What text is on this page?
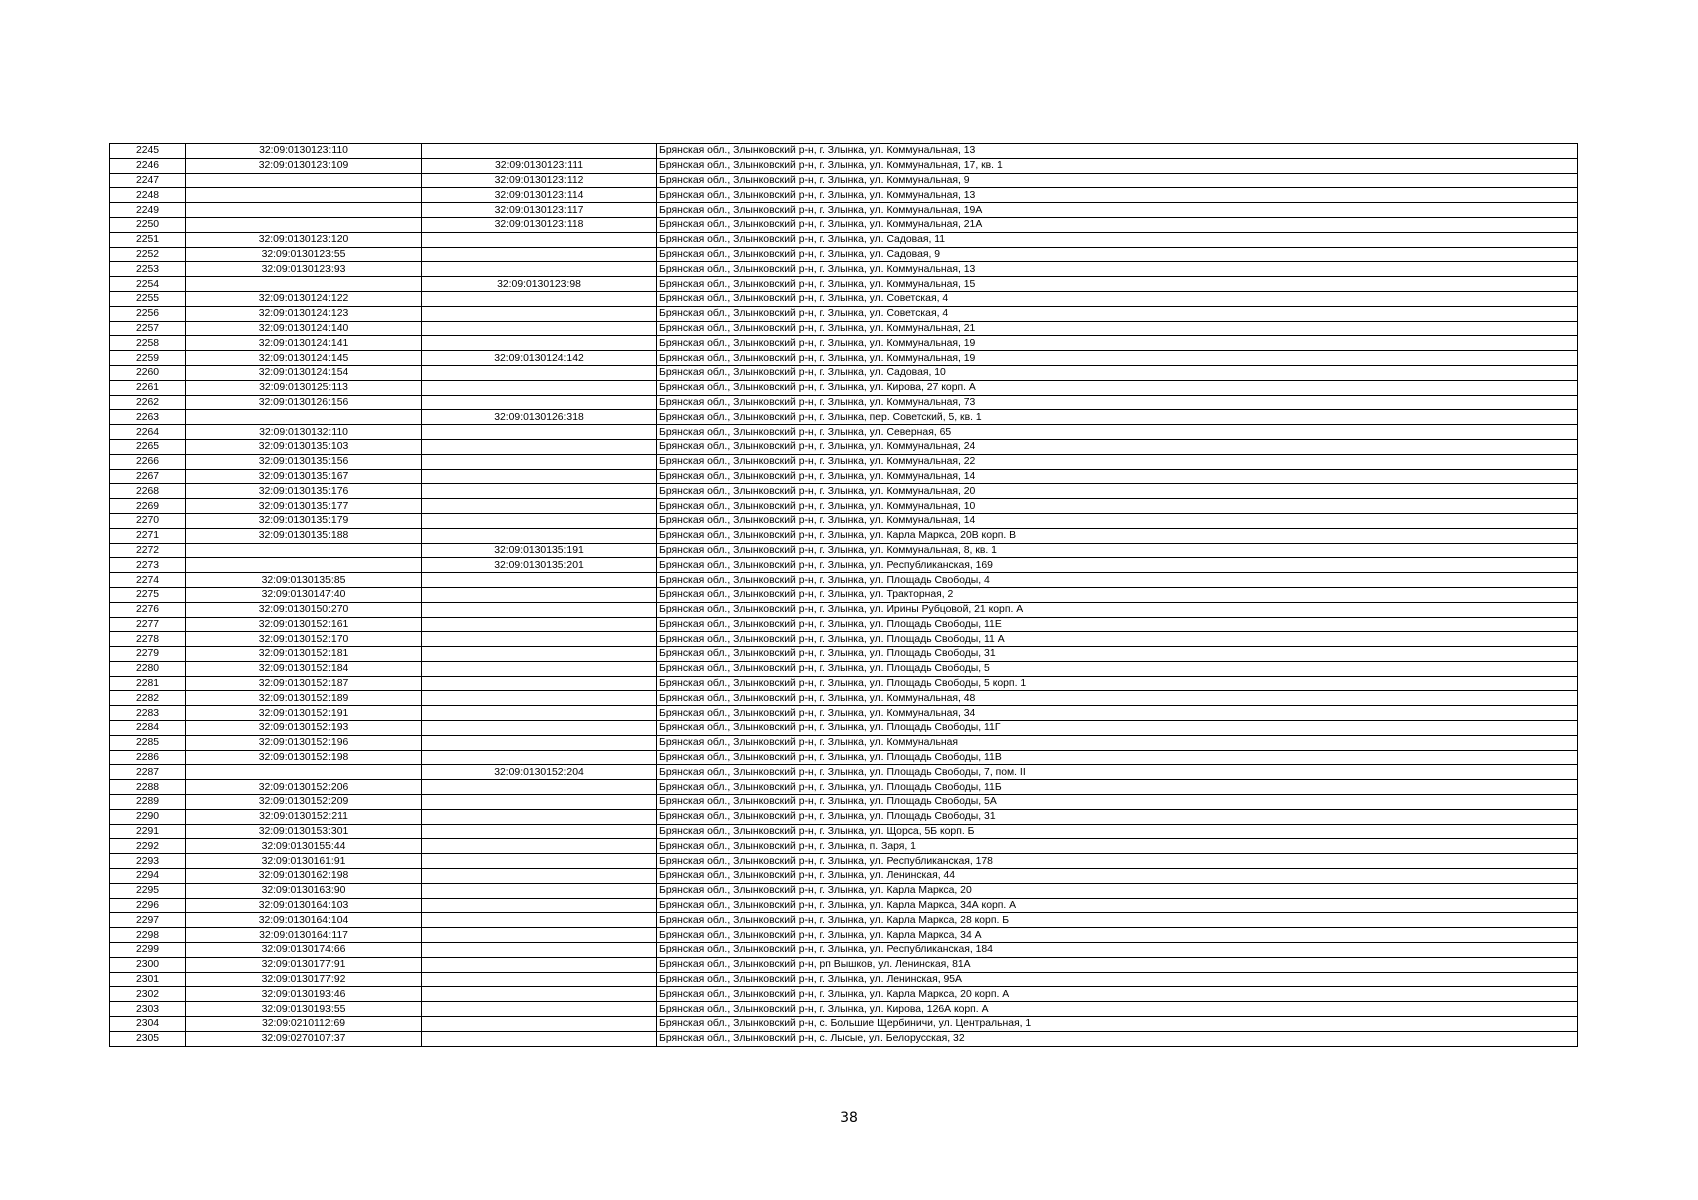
2245	32:09:0130123:110		Брянская обл., Злынковский р-н, г. Злынка, ул. Коммунальная, 13
2246	32:09:0130123:109	32:09:0130123:111	Брянская обл., Злынковский р-н, г. Злынка, ул. Коммунальная, 17, кв. 1
2247		32:09:0130123:112	Брянская обл., Злынковский р-н, г. Злынка, ул. Коммунальная, 9
2248		32:09:0130123:114	Брянская обл., Злынковский р-н, г. Злынка, ул. Коммунальная, 13
2249		32:09:0130123:117	Брянская обл., Злынковский р-н, г. Злынка, ул. Коммунальная, 19А
2250		32:09:0130123:118	Брянская обл., Злынковский р-н, г. Злынка, ул. Коммунальная, 21А
2251	32:09:0130123:120		Брянская обл., Злынковский р-н, г. Злынка, ул. Садовая, 11
2252	32:09:0130123:55		Брянская обл., Злынковский р-н, г. Злынка, ул. Садовая, 9
2253	32:09:0130123:93		Брянская обл., Злынковский р-н, г. Злынка, ул. Коммунальная, 13
2254		32:09:0130123:98	Брянская обл., Злынковский р-н, г. Злынка, ул. Коммунальная, 15
2255	32:09:0130124:122		Брянская обл., Злынковский р-н, г. Злынка, ул. Советская, 4
2256	32:09:0130124:123		Брянская обл., Злынковский р-н, г. Злынка, ул. Советская, 4
2257	32:09:0130124:140		Брянская обл., Злынковский р-н, г. Злынка, ул. Коммунальная, 21
2258	32:09:0130124:141		Брянская обл., Злынковский р-н, г. Злынка, ул. Коммунальная, 19
2259	32:09:0130124:145	32:09:0130124:142	Брянская обл., Злынковский р-н, г. Злынка, ул. Коммунальная, 19
2260	32:09:0130124:154		Брянская обл., Злынковский р-н, г. Злынка, ул. Садовая, 10
2261	32:09:0130125:113		Брянская обл., Злынковский р-н, г. Злынка, ул. Кирова, 27 корп. А
2262	32:09:0130126:156		Брянская обл., Злынковский р-н, г. Злынка, ул. Коммунальная, 73
2263		32:09:0130126:318	Брянская обл., Злынковский р-н, г. Злынка, пер. Советский, 5, кв. 1
2264	32:09:0130132:110		Брянская обл., Злынковский р-н, г. Злынка, ул. Северная, 65
2265	32:09:0130135:103		Брянская обл., Злынковский р-н, г. Злынка, ул. Коммунальная, 24
2266	32:09:0130135:156		Брянская обл., Злынковский р-н, г. Злынка, ул. Коммунальная, 22
2267	32:09:0130135:167		Брянская обл., Злынковский р-н, г. Злынка, ул. Коммунальная, 14
2268	32:09:0130135:176		Брянская обл., Злынковский р-н, г. Злынка, ул. Коммунальная, 20
2269	32:09:0130135:177		Брянская обл., Злынковский р-н, г. Злынка, ул. Коммунальная, 10
2270	32:09:0130135:179		Брянская обл., Злынковский р-н, г. Злынка, ул. Коммунальная, 14
2271	32:09:0130135:188		Брянская обл., Злынковский р-н, г. Злынка, ул. Карла Маркса, 20В корп. В
2272		32:09:0130135:191	Брянская обл., Злынковский р-н, г. Злынка, ул. Коммунальная, 8, кв. 1
2273		32:09:0130135:201	Брянская обл., Злынковский р-н, г. Злынка, ул. Республиканская, 169
2274	32:09:0130135:85		Брянская обл., Злынковский р-н, г. Злынка, ул. Площадь Свободы, 4
2275	32:09:0130147:40		Брянская обл., Злынковский р-н, г. Злынка, ул. Тракторная, 2
2276	32:09:0130150:270		Брянская обл., Злынковский р-н, г. Злынка, ул. Ирины Рубцовой, 21 корп. А
2277	32:09:0130152:161		Брянская обл., Злынковский р-н, г. Злынка, ул. Площадь Свободы, 11Е
2278	32:09:0130152:170		Брянская обл., Злынковский р-н, г. Злынка, ул. Площадь Свободы, 11 А
2279	32:09:0130152:181		Брянская обл., Злынковский р-н, г. Злынка, ул. Площадь Свободы, 31
2280	32:09:0130152:184		Брянская обл., Злынковский р-н, г. Злынка, ул. Площадь Свободы, 5
2281	32:09:0130152:187		Брянская обл., Злынковский р-н, г. Злынка, ул. Площадь Свободы, 5 корп. 1
2282	32:09:0130152:189		Брянская обл., Злынковский р-н, г. Злынка, ул. Коммунальная, 48
2283	32:09:0130152:191		Брянская обл., Злынковский р-н, г. Злынка, ул. Коммунальная, 34
2284	32:09:0130152:193		Брянская обл., Злынковский р-н, г. Злынка, ул. Площадь Свободы, 11Г
2285	32:09:0130152:196		Брянская обл., Злынковский р-н, г. Злынка, ул. Коммунальная
2286	32:09:0130152:198		Брянская обл., Злынковский р-н, г. Злынка, ул. Площадь Свободы, 11В
2287		32:09:0130152:204	Брянская обл., Злынковский р-н, г. Злынка, ул. Площадь Свободы, 7, пом. II
2288	32:09:0130152:206		Брянская обл., Злынковский р-н, г. Злынка, ул. Площадь Свободы, 11Б
2289	32:09:0130152:209		Брянская обл., Злынковский р-н, г. Злынка, ул. Площадь Свободы, 5А
2290	32:09:0130152:211		Брянская обл., Злынковский р-н, г. Злынка, ул. Площадь Свободы, 31
2291	32:09:0130153:301		Брянская обл., Злынковский р-н, г. Злынка, ул. Щорса, 5Б корп. Б
2292	32:09:0130155:44		Брянская обл., Злынковский р-н, г. Злынка, п. Заря, 1
2293	32:09:0130161:91		Брянская обл., Злынковский р-н, г. Злынка, ул. Республиканская, 178
2294	32:09:0130162:198		Брянская обл., Злынковский р-н, г. Злынка, ул. Ленинская, 44
2295	32:09:0130163:90		Брянская обл., Злынковский р-н, г. Злынка, ул. Карла Маркса, 20
2296	32:09:0130164:103		Брянская обл., Злынковский р-н, г. Злынка, ул. Карла Маркса, 34А корп. А
2297	32:09:0130164:104		Брянская обл., Злынковский р-н, г. Злынка, ул. Карла Маркса, 28 корп. Б
2298	32:09:0130164:117		Брянская обл., Злынковский р-н, г. Злынка, ул. Карла Маркса, 34 А
2299	32:09:0130174:66		Брянская обл., Злынковский р-н, г. Злынка, ул. Республиканская, 184
2300	32:09:0130177:91		Брянская обл., Злынковский р-н, рп Вышков, ул. Ленинская, 81А
2301	32:09:0130177:92		Брянская обл., Злынковский р-н, г. Злынка, ул. Ленинская, 95А
2302	32:09:0130193:46		Брянская обл., Злынковский р-н, г. Злынка, ул. Карла Маркса, 20 корп. А
2303	32:09:0130193:55		Брянская обл., Злынковский р-н, г. Злынка, ул. Кирова, 126А корп. А
2304	32:09:0210112:69		Брянская обл., Злынковский р-н, с. Большие Щербиничи, ул. Центральная, 1
2305	32:09:0270107:37		Брянская обл., Злынковский р-н, с. Лысые, ул. Белорусская, 32
38
